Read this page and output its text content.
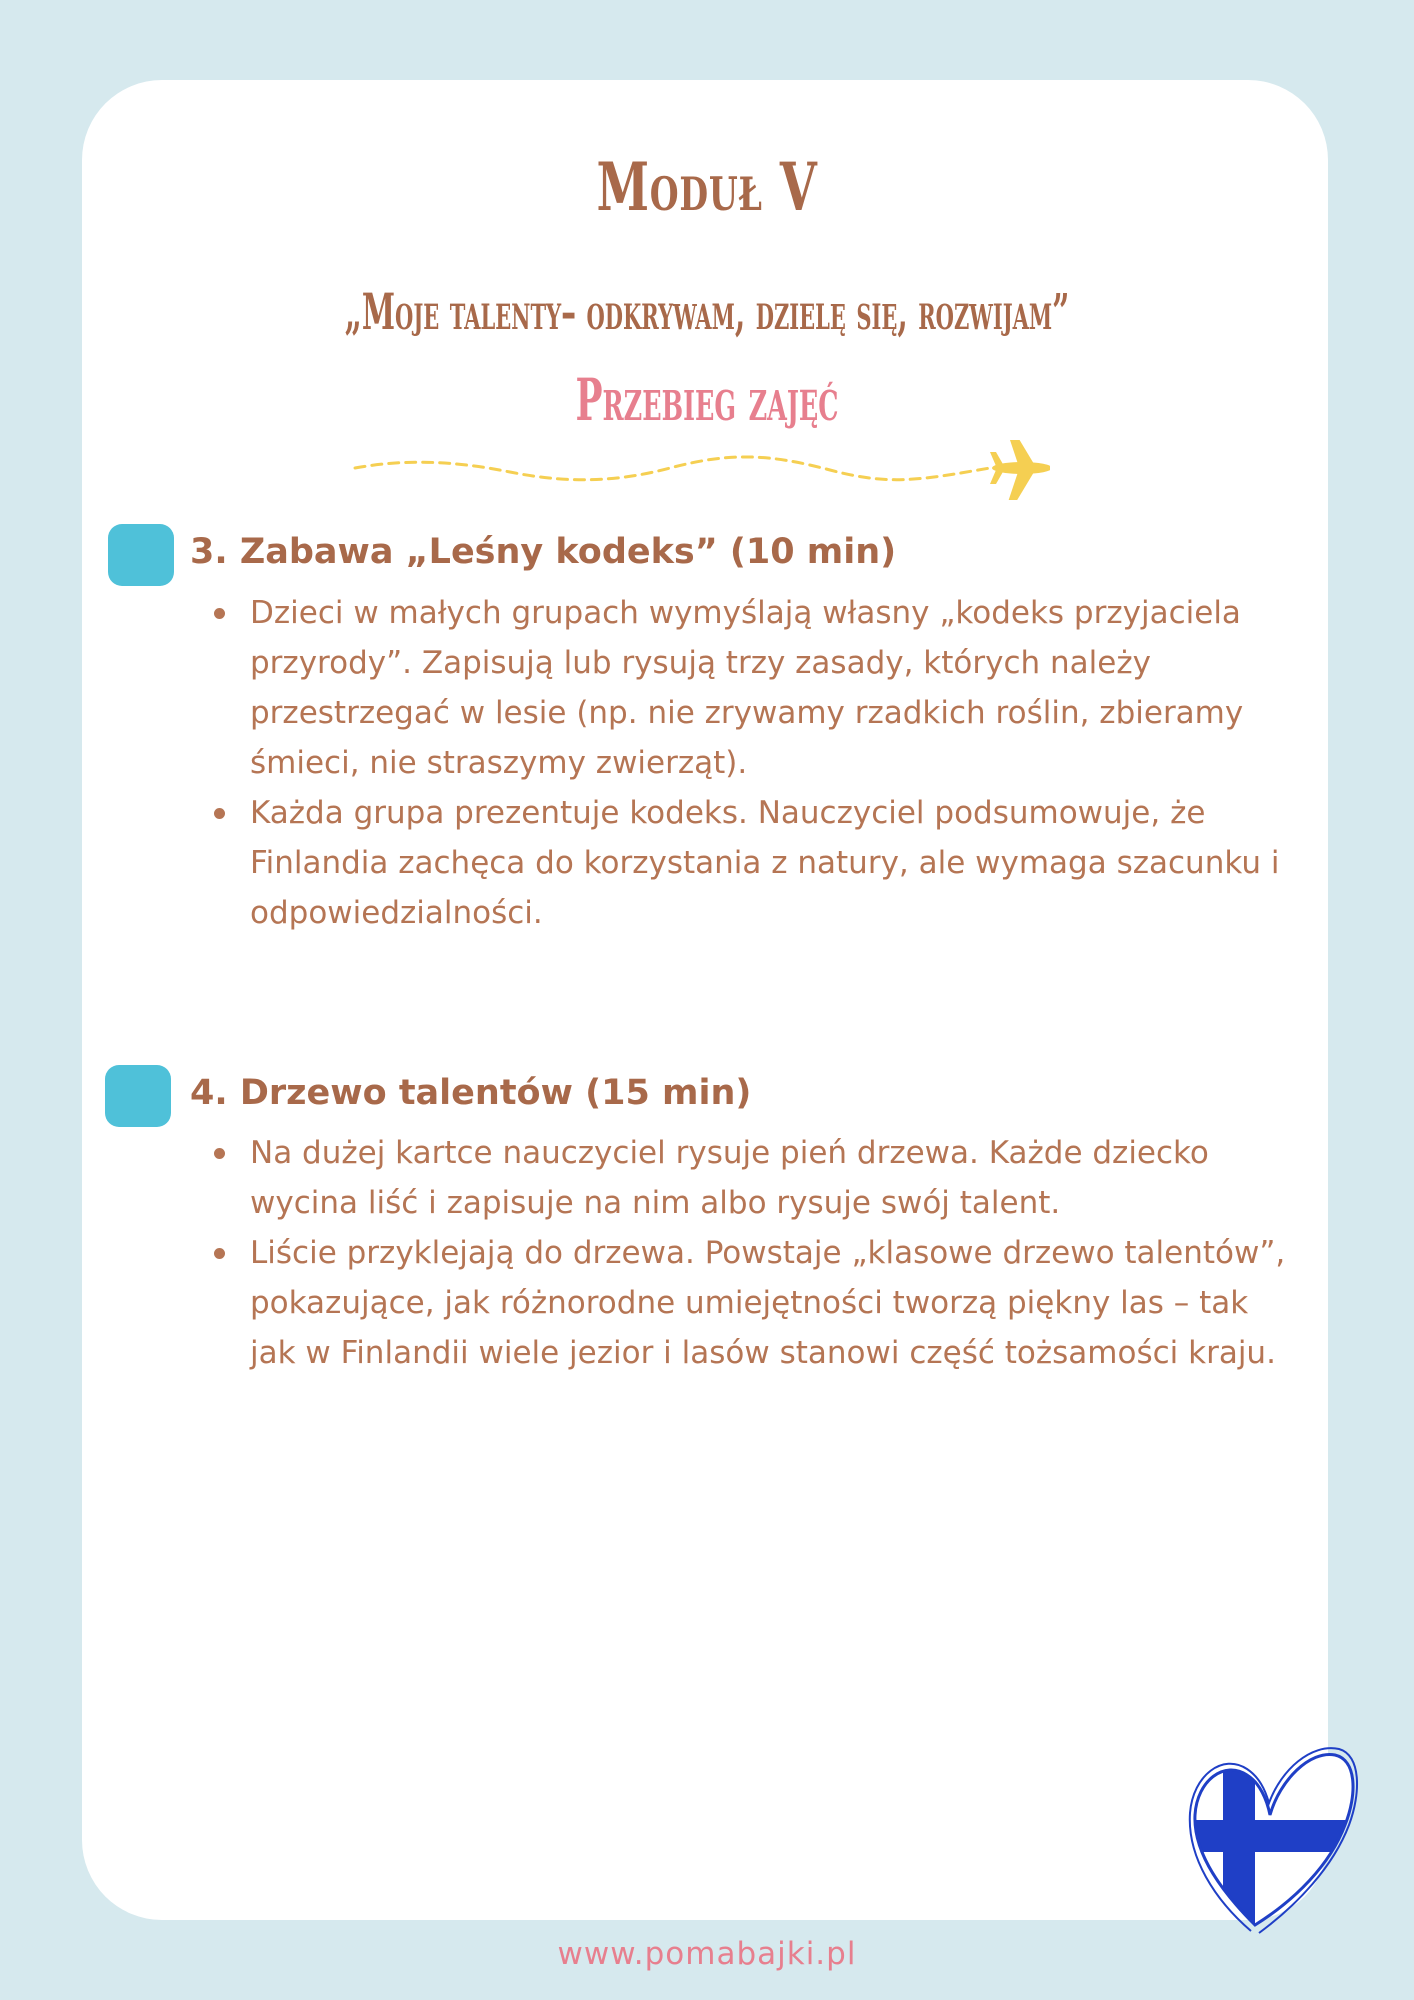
Moduł V
„Moje talenty– odkrywam, dzielę się, rozwijam”
Przebieg zajęć
3. Zabawa „Leśny kodeks” (10 min)
Dzieci w małych grupach wymyślają własny „kodeks przyjaciela przyrody”. Zapisują lub rysują trzy zasady, których należy przestrzegać w lesie (np. nie zrywamy rzadkich roślin, zbieramy śmieci, nie straszymy zwierząt).
Każda grupa prezentuje kodeks. Nauczyciel podsumowuje, że Finlandia zachęca do korzystania z natury, ale wymaga szacunku i odpowiedzialności.
4. Drzewo talentów (15 min)
Na dużej kartce nauczyciel rysuje pień drzewa. Każde dziecko wycina liść i zapisuje na nim albo rysuje swój talent.
Liście przyklejają do drzewa. Powstaje „klasowe drzewo talentów”, pokazujące, jak różnorodne umiejętności tworzą piękny las – tak jak w Finlandii wiele jezior i lasów stanowi część tożsamości kraju.

www.pomabajki.pl
